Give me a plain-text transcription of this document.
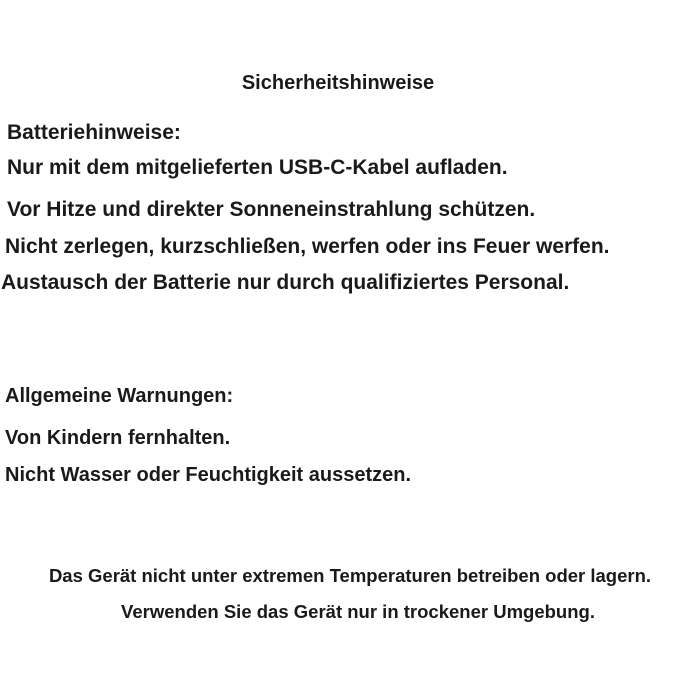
Sicherheitshinweise
Batteriehinweise:
Nur mit dem mitgelieferten USB-C-Kabel aufladen.
Vor Hitze und direkter Sonneneinstrahlung schützen.
Nicht zerlegen, kurzschließen, werfen oder ins Feuer werfen.
Austausch der Batterie nur durch qualifiziertes Personal.
Allgemeine Warnungen:
Von Kindern fernhalten.
Nicht Wasser oder Feuchtigkeit aussetzen.
Das Gerät nicht unter extremen Temperaturen betreiben oder lagern.
Verwenden Sie das Gerät nur in trockener Umgebung.
